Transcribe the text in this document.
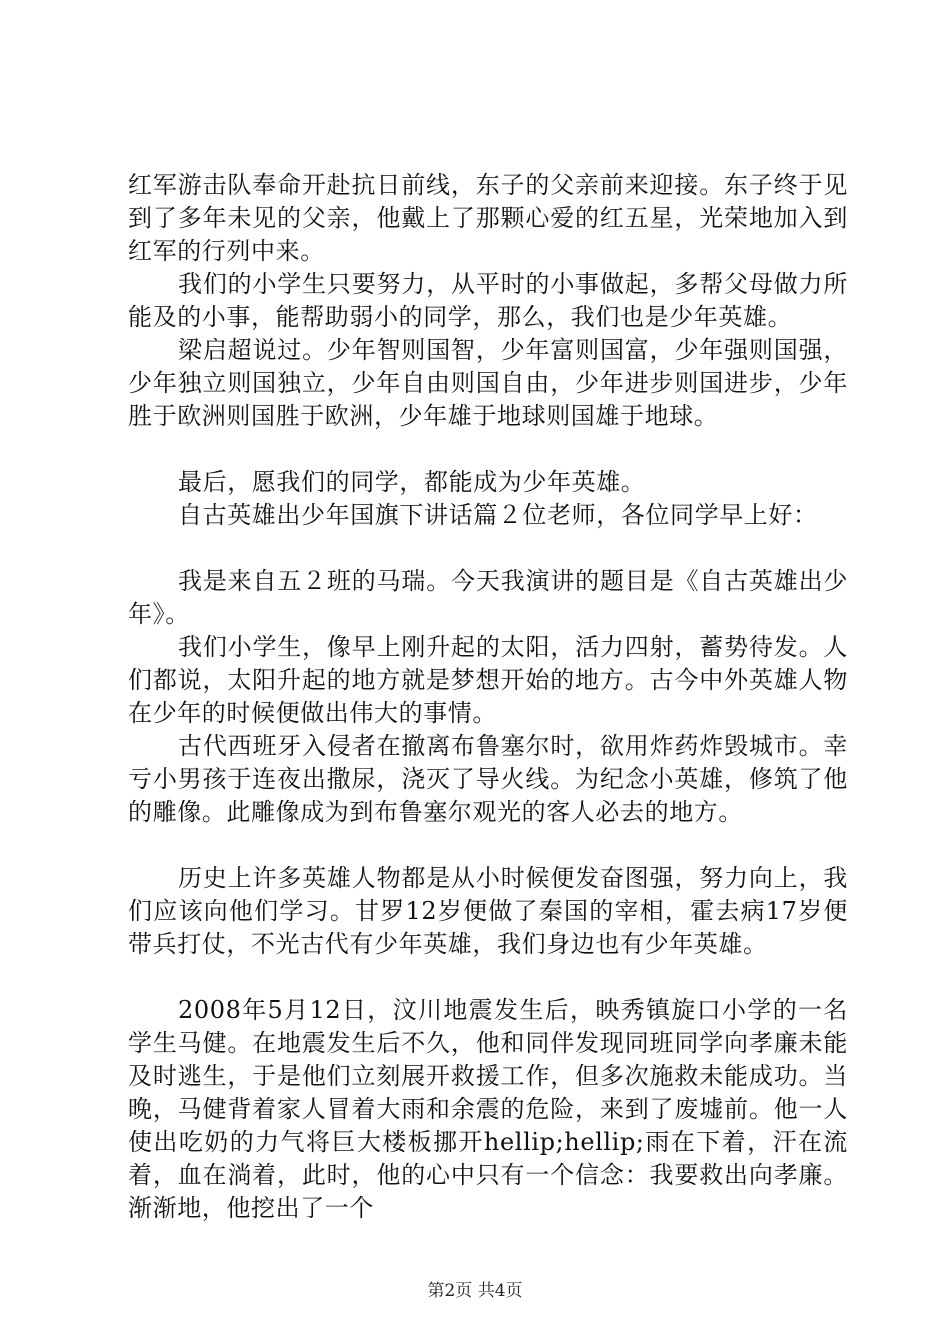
红军游击队奉命开赴抗日前线，东子的父亲前来迎接。东子终于见到了多年未见的父亲，他戴上了那颗心爱的红五星，光荣地加入到红军的行列中来。

我们的小学生只要努力，从平时的小事做起，多帮父母做力所能及的小事，能帮助弱小的同学，那么，我们也是少年英雄。

梁启超说过。少年智则国智，少年富则国富，少年强则国强，少年独立则国独立，少年自由则国自由，少年进步则国进步，少年胜于欧洲则国胜于欧洲，少年雄于地球则国雄于地球。

最后，愿我们的同学，都能成为少年英雄。

自古英雄出少年国旗下讲话篇２位老师，各位同学早上好：

我是来自五２班的马瑞。今天我演讲的题目是《自古英雄出少年》。

我们小学生，像早上刚升起的太阳，活力四射，蓄势待发。人们都说，太阳升起的地方就是梦想开始的地方。古今中外英雄人物在少年的时候便做出伟大的事情。

古代西班牙入侵者在撤离布鲁塞尔时，欲用炸药炸毁城市。幸亏小男孩于连夜出撒尿，浇灭了导火线。为纪念小英雄，修筑了他的雕像。此雕像成为到布鲁塞尔观光的客人必去的地方。

历史上许多英雄人物都是从小时候便发奋图强，努力向上，我们应该向他们学习。甘罗12岁便做了秦国的宰相，霍去病17岁便带兵打仗，不光古代有少年英雄，我们身边也有少年英雄。

2008年5月12日，汶川地震发生后，映秀镇旋口小学的一名学生马健。在地震发生后不久，他和同伴发现同班同学向孝廉未能及时逃生，于是他们立刻展开救援工作，但多次施救未能成功。当晚，马健背着家人冒着大雨和余震的危险，来到了废墟前。他一人使出吃奶的力气将巨大楼板挪开hellip;hellip;雨在下着，汗在流着，血在淌着，此时，他的心中只有一个信念：我要救出向孝廉。渐渐地，他挖出了一个

第2页 共4页
